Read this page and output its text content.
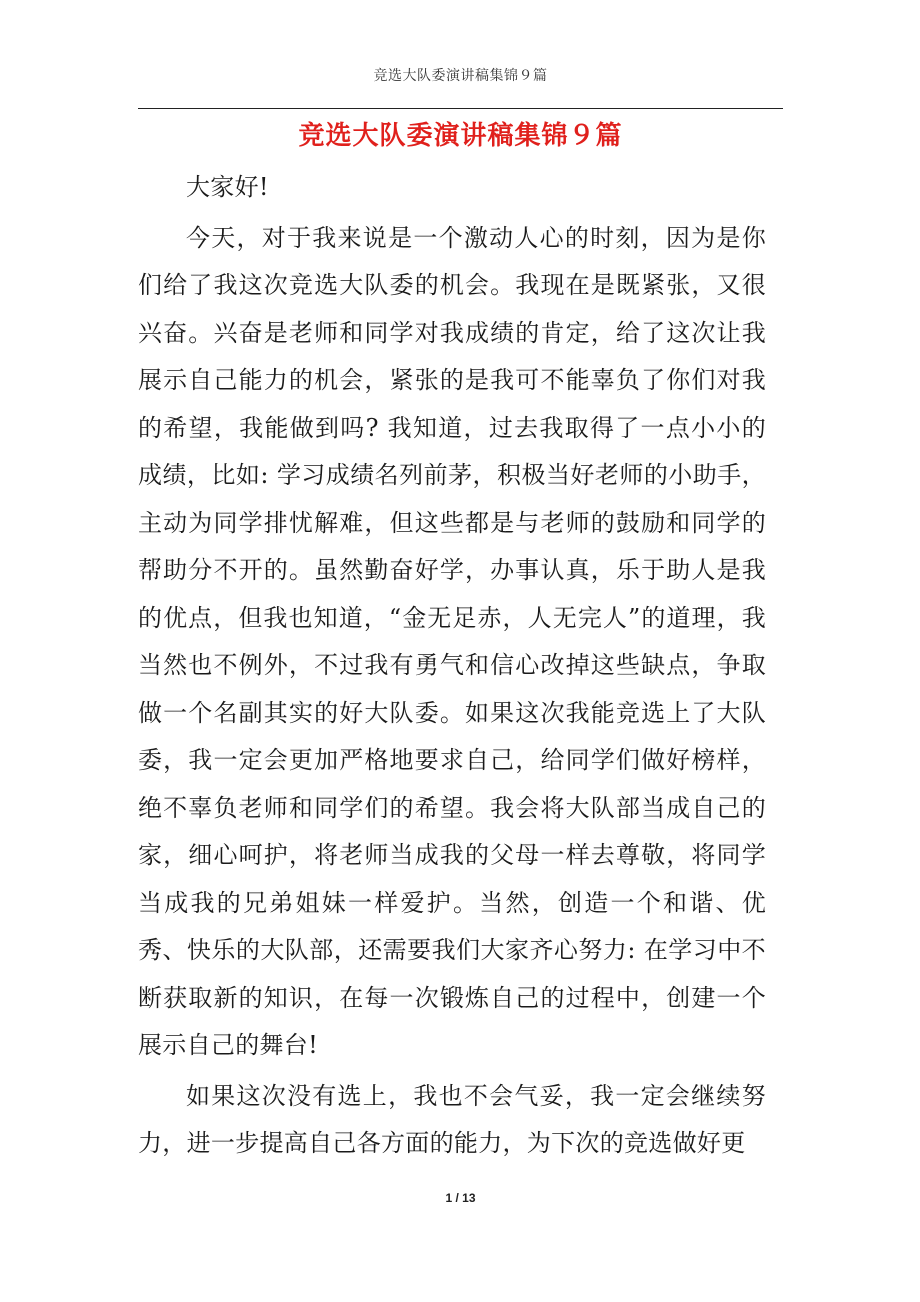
竞选大队委演讲稿集锦９篇
竞选大队委演讲稿集锦９篇

大家好!

今天，对于我来说是一个激动人心的时刻，因为是你们给了我这次竞选大队委的机会。我现在是既紧张，又很兴奋。兴奋是老师和同学对我成绩的肯定，给了这次让我展示自己能力的机会，紧张的是我可不能辜负了你们对我的希望，我能做到吗? 我知道，过去我取得了一点小小的成绩，比如: 学习成绩名列前茅，积极当好老师的小助手，主动为同学排忧解难，但这些都是与老师的鼓励和同学的帮助分不开的。虽然勤奋好学，办事认真，乐于助人是我的优点，但我也知道，“金无足赤，人无完人”的道理，我当然也不例外，不过我有勇气和信心改掉这些缺点，争取做一个名副其实的好大队委。如果这次我能竞选上了大队委，我一定会更加严格地要求自己，给同学们做好榜样，绝不辜负老师和同学们的希望。我会将大队部当成自己的家，细心呵护，将老师当成我的父母一样去尊敬，将同学当成我的兄弟姐妹一样爱护。当然，创造一个和谐、优秀、快乐的大队部，还需要我们大家齐心努力: 在学习中不断获取新的知识，在每一次锻炼自己的过程中，创建一个展示自己的舞台!

如果这次没有选上，我也不会气妥，我一定会继续努力，进一步提高自己各方面的能力，为下次的竞选做好更

1 / 13
